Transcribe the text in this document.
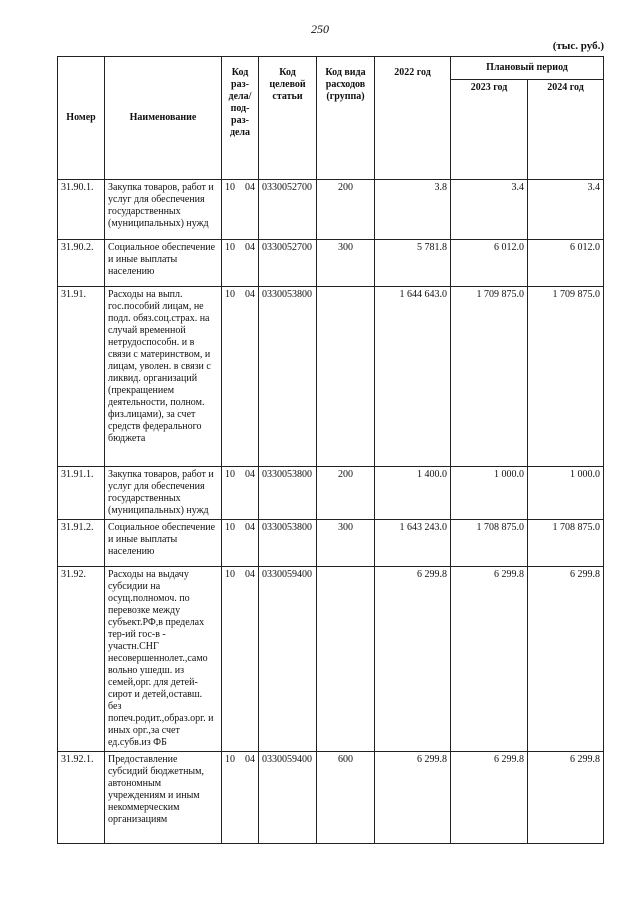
250
(тыс. руб.)
Номер	Наименование	Код раз- дела/ под- раз- дела	Код целевой статьи	Код вида расходов (группа)	2022 год	Плановый период	
						2023 год	2024 год
31.90.1.	Закупка товаров, работ и услуг для обеспечения государственных (муниципальных) нужд	10 04	0330052700	200	3.8	3.4	3.4
31.90.2.	Социальное обеспечение и иные выплаты населению	10 04	0330052700	300	5 781.8	6 012.0	6 012.0
31.91.	Расходы на выпл. гос.пособий лицам, не подл. обяз.соц.страх. на случай временной нетрудоспособн. и в связи с материнством, и лицам, уволен. в связи с ликвид. организаций (прекращением деятельности, полном. физ.лицами), за счет средств федерального бюджета	10 04	0330053800		1 644 643.0	1 709 875.0	1 709 875.0
31.91.1.	Закупка товаров, работ и услуг для обеспечения государственных (муниципальных) нужд	10 04	0330053800	200	1 400.0	1 000.0	1 000.0
31.91.2.	Социальное обеспечение и иные выплаты населению	10 04	0330053800	300	1 643 243.0	1 708 875.0	1 708 875.0
31.92.	Расходы на выдачу субсидии на осущ.полномоч. по перевозке между субъект.РФ,в пределах тер-ий гос-в - участн.СНГ несовершеннолет.,само вольно ушедш. из семей,орг. для детей-сирот и детей,оставш. без попеч.родит.,образ.орг. и иных орг.,за счет ед.субв.из ФБ	10 04	0330059400		6 299.8	6 299.8	6 299.8
31.92.1.	Предоставление субсидий бюджетным, автономным учреждениям и иным некоммерческим организациям	10 04	0330059400	600	6 299.8	6 299.8	6 299.8
